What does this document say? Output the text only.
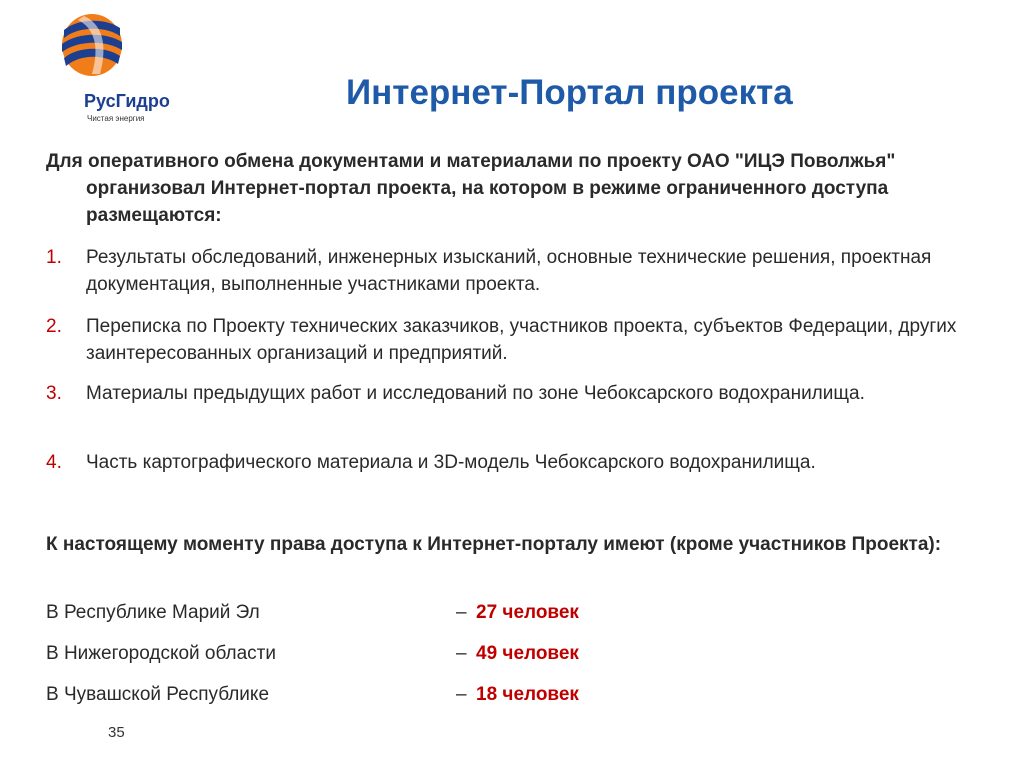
РусГидро
Чистая энергия
Интернет-Портал проекта
Для оперативного обмена документами и материалами по проекту ОАО "ИЦЭ Поволжья" организовал Интернет-портал проекта, на котором в режиме ограниченного доступа размещаются:
1. Результаты обследований, инженерных изысканий, основные технические решения, проектная документация, выполненные участниками проекта.
2. Переписка по Проекту технических заказчиков, участников проекта, субъектов Федерации, других заинтересованных организаций и предприятий.
3. Материалы предыдущих работ и исследований по зоне Чебоксарского водохранилища.
4. Часть картографического материала и 3D-модель Чебоксарского водохранилища.
К настоящему моменту права доступа к Интернет-порталу имеют (кроме участников Проекта):
В Республике Марий Эл	– 27 человек
В Нижегородской области	– 49 человек
В Чувашской Республике	– 18 человек
35
